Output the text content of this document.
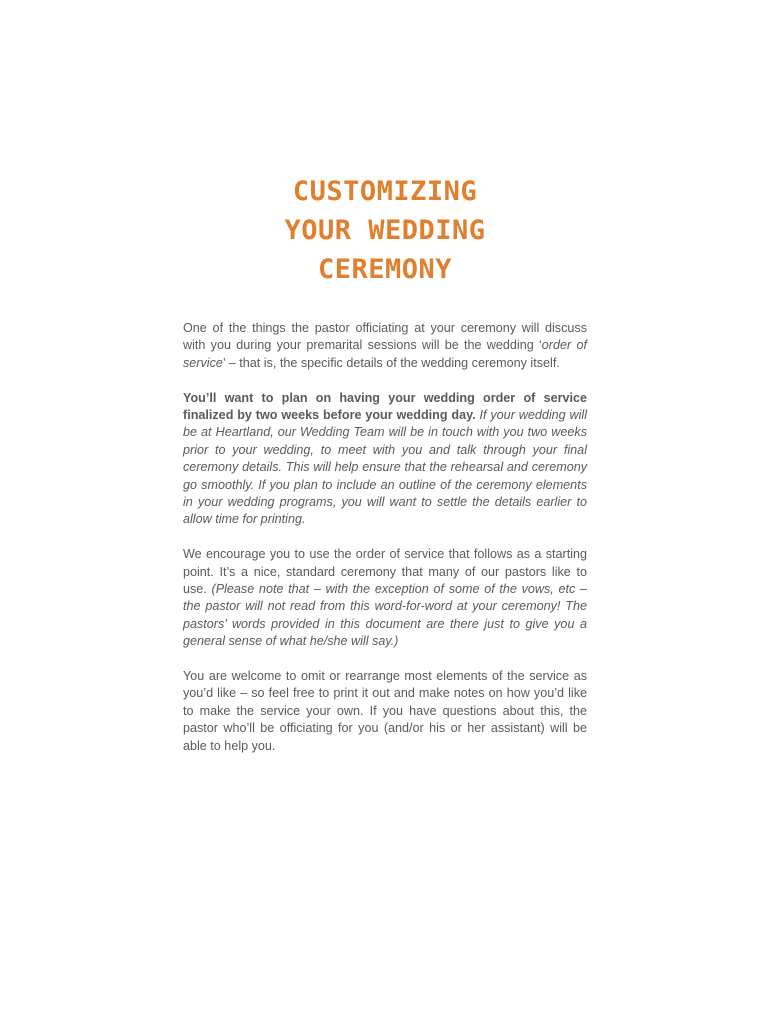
CUSTOMIZING
YOUR WEDDING
CEREMONY

One of the things the pastor officiating at your ceremony will discuss with you during your premarital sessions will be the wedding ‘order of service’ – that is, the specific details of the wedding ceremony itself.

You’ll want to plan on having your wedding order of service finalized by two weeks before your wedding day. If your wedding will be at Heartland, our Wedding Team will be in touch with you two weeks prior to your wedding, to meet with you and talk through your final ceremony details. This will help ensure that the rehearsal and ceremony go smoothly. If you plan to include an outline of the ceremony elements in your wedding programs, you will want to settle the details earlier to allow time for printing.

We encourage you to use the order of service that follows as a starting point. It’s a nice, standard ceremony that many of our pastors like to use. (Please note that – with the exception of some of the vows, etc – the pastor will not read from this word-for-word at your ceremony! The pastors’ words provided in this document are there just to give you a general sense of what he/she will say.)

You are welcome to omit or rearrange most elements of the service as you’d like – so feel free to print it out and make notes on how you’d like to make the service your own. If you have questions about this, the pastor who’ll be officiating for you (and/or his or her assistant) will be able to help you.
